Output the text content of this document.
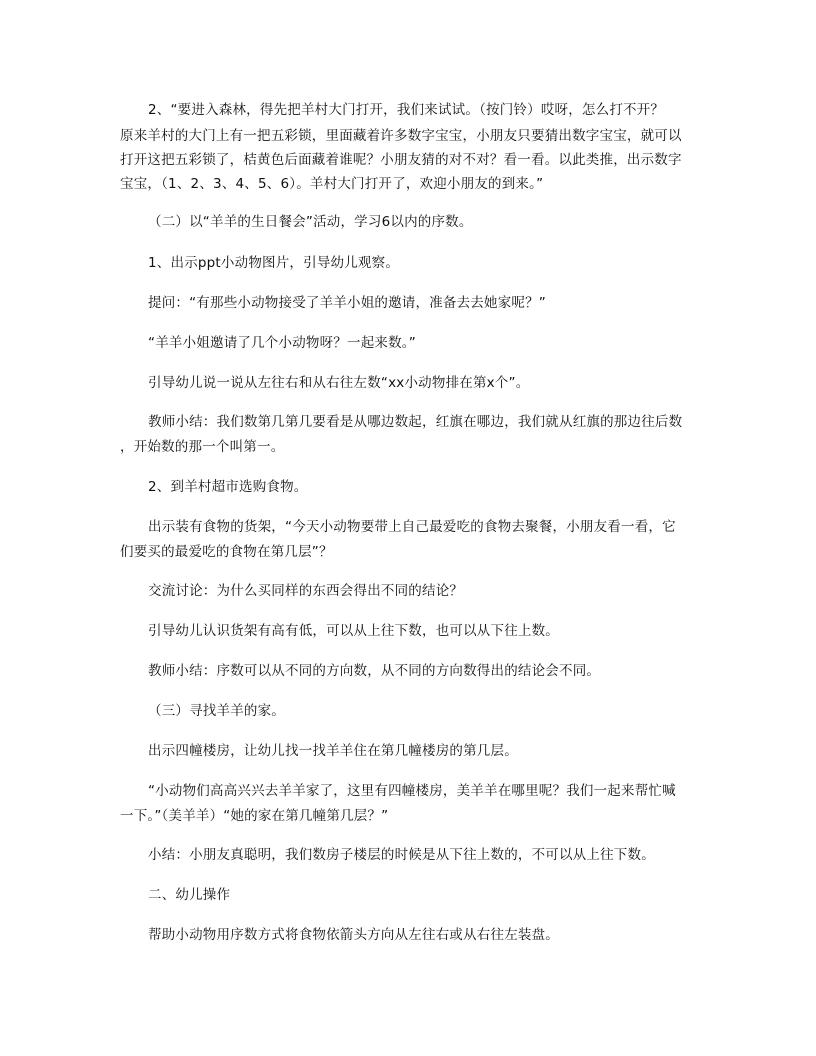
2、“要进入森林，得先把羊村大门打开，我们来试试。（按门铃）哎呀，怎么打不开？
原来羊村的大门上有一把五彩锁，里面藏着许多数字宝宝，小朋友只要猜出数字宝宝，就可以
打开这把五彩锁了，桔黄色后面藏着谁呢？小朋友猜的对不对？看一看。以此类推，出示数字
宝宝，（1、2、3、4、5、6）。羊村大门打开了，欢迎小朋友的到来。”
（二）以“羊羊的生日餐会”活动，学习6以内的序数。
1、出示ppt小动物图片，引导幼儿观察。
提问：“有那些小动物接受了羊羊小姐的邀请，准备去去她家呢？”
“羊羊小姐邀请了几个小动物呀？一起来数。”
引导幼儿说一说从左往右和从右往左数“xx小动物排在第x个”。
教师小结：我们数第几第几要看是从哪边数起，红旗在哪边，我们就从红旗的那边往后数
，开始数的那一个叫第一。
2、到羊村超市选购食物。
出示装有食物的货架，“今天小动物要带上自己最爱吃的食物去聚餐，小朋友看一看，它
们要买的最爱吃的食物在第几层”？
交流讨论：为什么买同样的东西会得出不同的结论？
引导幼儿认识货架有高有低，可以从上往下数，也可以从下往上数。
教师小结：序数可以从不同的方向数，从不同的方向数得出的结论会不同。
（三）寻找羊羊的家。
出示四幢楼房，让幼儿找一找羊羊住在第几幢楼房的第几层。
“小动物们高高兴兴去羊羊家了，这里有四幢楼房，美羊羊在哪里呢？我们一起来帮忙喊
一下。”（美羊羊）“她的家在第几幢第几层？”
小结：小朋友真聪明，我们数房子楼层的时候是从下往上数的，不可以从上往下数。
二、幼儿操作
帮助小动物用序数方式将食物依箭头方向从左往右或从右往左装盘。
